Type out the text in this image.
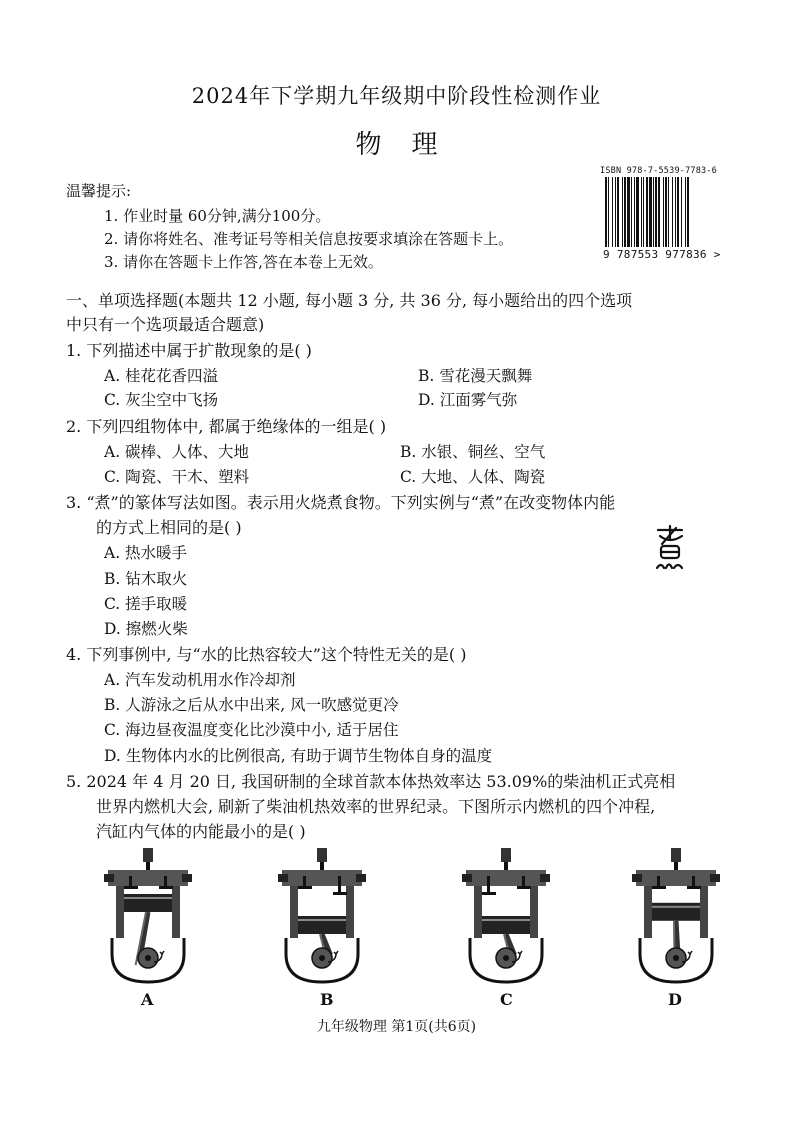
2024年下学期九年级期中阶段性检测作业
物理
ISBN 978-7-5539-7783-6
9 787553 977836 >
温馨提示:
1. 作业时量 60分钟,满分100分。
2. 请你将姓名、准考证号等相关信息按要求填涂在答题卡上。
3. 请你在答题卡上作答,答在本卷上无效。
一、单项选择题(本题共 12 小题, 每小题 3 分, 共 36 分, 每小题给出的四个选项
中只有一个选项最适合题意)
1. 下列描述中属于扩散现象的是( )
A. 桂花花香四溢	B. 雪花漫天飘舞
C. 灰尘空中飞扬	D. 江面雾气弥
2. 下列四组物体中, 都属于绝缘体的一组是( )
A. 碳棒、人体、大地	B. 水银、铜丝、空气
C. 陶瓷、干木、塑料	C. 大地、人体、陶瓷
3. “煮”的篆体写法如图。表示用火烧煮食物。下列实例与“煮”在改变物体内能
的方式上相同的是( )
A. 热水暖手
B. 钻木取火
C. 搓手取暖
D. 擦燃火柴
4. 下列事例中, 与“水的比热容较大”这个特性无关的是( )
A. 汽车发动机用水作冷却剂
B. 人游泳之后从水中出来, 风一吹感觉更冷
C. 海边昼夜温度变化比沙漠中小, 适于居住
D. 生物体内水的比例很高, 有助于调节生物体自身的温度
5. 2024 年 4 月 20 日, 我国研制的全球首款本体热效率达 53.09%的柴油机正式亮相
世界内燃机大会, 刷新了柴油机热效率的世界纪录。下图所示内燃机的四个冲程,
汽缸内气体的内能最小的是( )
A	B	C	D
九年级物理 第1页(共6页)
